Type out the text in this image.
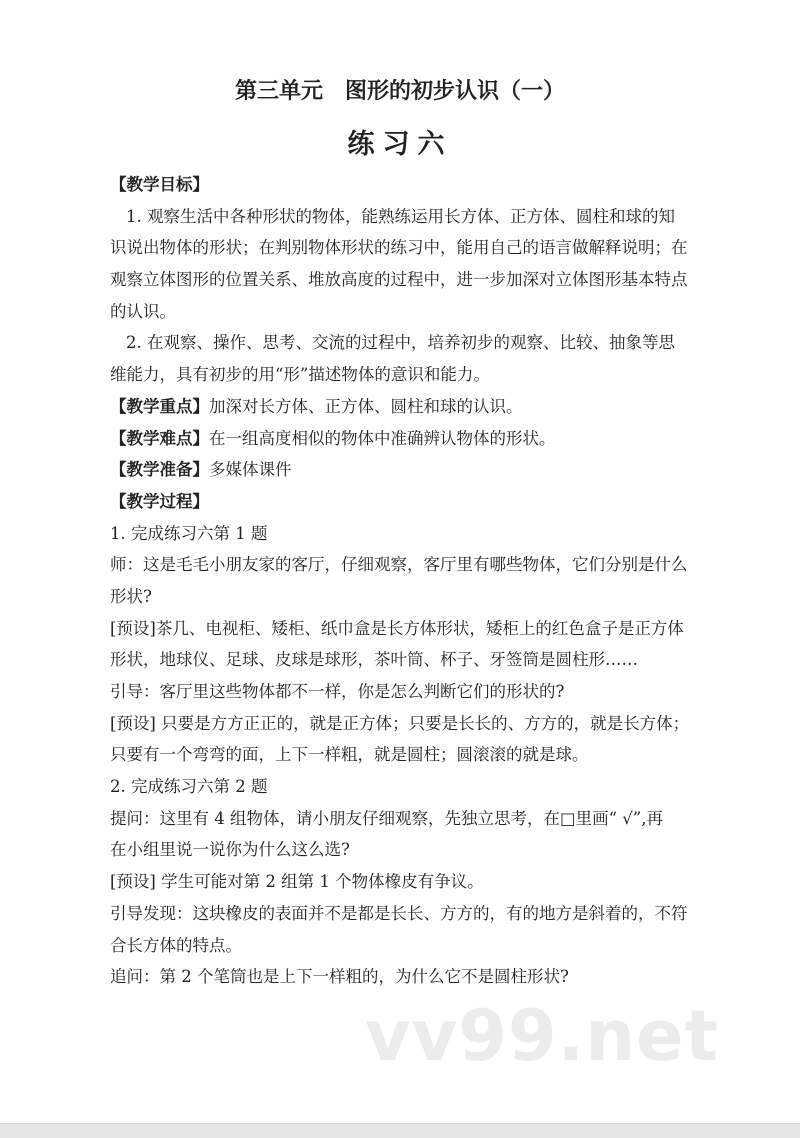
第三单元　图形的初步认识（一）
练习六
【教学目标】
1. 观察生活中各种形状的物体，能熟练运用长方体、正方体、圆柱和球的知
识说出物体的形状；在判别物体形状的练习中，能用自己的语言做解释说明；在
观察立体图形的位置关系、堆放高度的过程中，进一步加深对立体图形基本特点
的认识。
2. 在观察、操作、思考、交流的过程中，培养初步的观察、比较、抽象等思
维能力，具有初步的用“形”描述物体的意识和能力。
【教学重点】加深对长方体、正方体、圆柱和球的认识。
【教学难点】在一组高度相似的物体中准确辨认物体的形状。
【教学准备】多媒体课件
【教学过程】
1. 完成练习六第 1 题
师：这是毛毛小朋友家的客厅，仔细观察，客厅里有哪些物体，它们分别是什么
形状?
[预设]茶几、电视柜、矮柜、纸巾盒是长方体形状，矮柜上的红色盒子是正方体
形状，地球仪、足球、皮球是球形，茶叶筒、杯子、牙签筒是圆柱形……
引导：客厅里这些物体都不一样，你是怎么判断它们的形状的?
[预设] 只要是方方正正的，就是正方体；只要是长长的、方方的，就是长方体；
只要有一个弯弯的面，上下一样粗，就是圆柱；圆滚滚的就是球。
2. 完成练习六第 2 题
提问：这里有 4 组物体，请小朋友仔细观察，先独立思考，在□里画“ √”,再
在小组里说一说你为什么这么选?
[预设] 学生可能对第 2 组第 1 个物体橡皮有争议。
引导发现：这块橡皮的表面并不是都是长长、方方的，有的地方是斜着的，不符
合长方体的特点。
追问：第 2 个笔筒也是上下一样粗的，为什么它不是圆柱形状?
vv99.net
